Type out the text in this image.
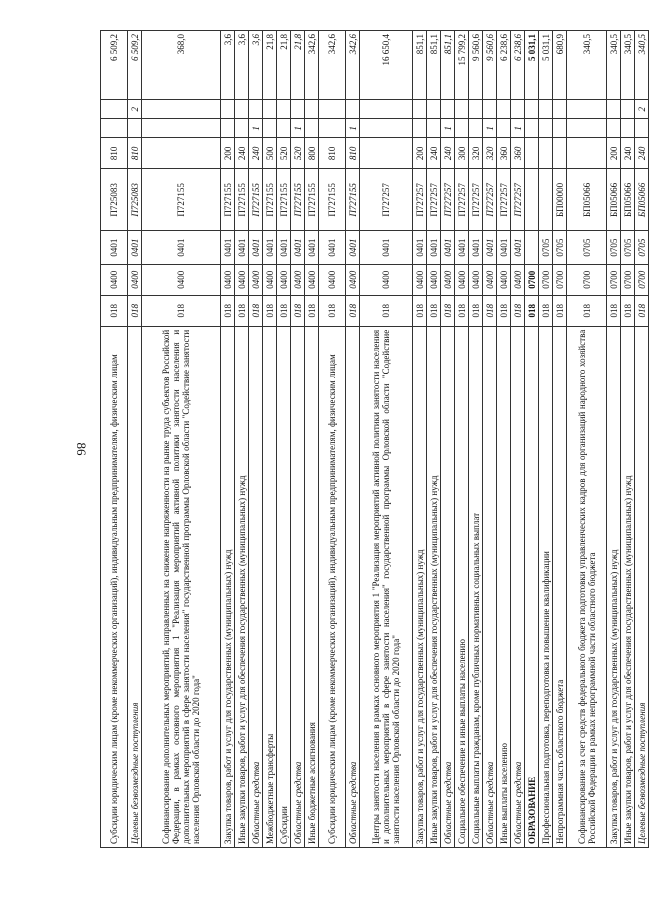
86 Субсидии юридическим лицам (кроме некоммерческих организаций), индивидуальным предпринимателям, физическим лицам	018	0400	0401	П725083	810			6 509,2
Целевые безвозмездные поступления	018	0400	0401	П725083	810		2	6 509,2
Софинансирование дополнительных мероприятий, направленных на снижение напряженности на рынке труда субъектов Российской Федерации, в рамках основного мероприятия 1 "Реализация мероприятий активной политики занятости населения и дополнительных мероприятий в сфере занятости населения" государственной программы Орловской области "Содействие занятости населения Орловской области до 2020 года"	018	0400	0401	П727155				368,0
Закупка товаров, работ и услуг для государственных (муниципальных) нужд	018	0400	0401	П727155	200			3,6
Иные закупки товаров, работ и услуг для обеспечения государственных (муниципальных) нужд	018	0400	0401	П727155	240			3,6
Областные средства	018	0400	0401	П727155	240	1		3,6
Межбюджетные трансферты	018	0400	0401	П727155	500			21,8
Субсидии	018	0400	0401	П727155	520			21,8
Областные средства	018	0400	0401	П727155	520	1		21,8
Иные бюджетные ассигнования	018	0400	0401	П727155	800			342,6
Субсидии юридическим лицам (кроме некоммерческих организаций), индивидуальным предпринимателям, физическим лицам	018	0400	0401	П727155	810			342,6
Областные средства	018	0400	0401	П727155	810	1		342,6
Центры занятости населения в рамках основного мероприятия 1 "Реализация мероприятий активной политики занятости населения и дополнительных мероприятий в сфере занятости населения" государственной программы Орловской области "Содействие занятости населения Орловской области до 2020 года"	018	0400	0401	П727257				16 650,4
Закупка товаров, работ и услуг для государственных (муниципальных) нужд	018	0400	0401	П727257	200			851,1
Иные закупки товаров, работ и услуг для обеспечения государственных (муниципальных) нужд	018	0400	0401	П727257	240			851,1
Областные средства	018	0400	0401	П727257	240	1		851,1
Социальное обеспечение и иные выплаты населению	018	0400	0401	П727257	300			15 799,2
Социальные выплаты гражданам, кроме публичных нормативных социальных выплат	018	0400	0401	П727257	320			9 560,6
Областные средства	018	0400	0401	П727257	320	1		9 560,6
Иные выплаты населению	018	0400	0401	П727257	360			6 238,6
Областные средства	018	0400	0401	П727257	360	1		6 238,6
ОБРАЗОВАНИЕ	018	0700						5 031,1
Профессиональная подготовка, переподготовка и повышение квалификации	018	0700	0705					5 031,1
Непрограммная часть областного бюджета	018	0700	0705	БП00000				680,9
Софинансирование за счет средств федерального бюджета подготовки управленческих кадров для организаций народного хозяйства Российской Федерации в рамках непрограммной части областного бюджета	018	0700	0705	БП05066				340,5
Закупка товаров, работ и услуг для государственных (муниципальных) нужд	018	0700	0705	БП05066	200			340,5
Иные закупки товаров, работ и услуг для обеспечения государственных (муниципальных) нужд	018	0700	0705	БП05066	240			340,5
Целевые безвозмездные поступления	018	0700	0705	БП05066	240		2	340,5
